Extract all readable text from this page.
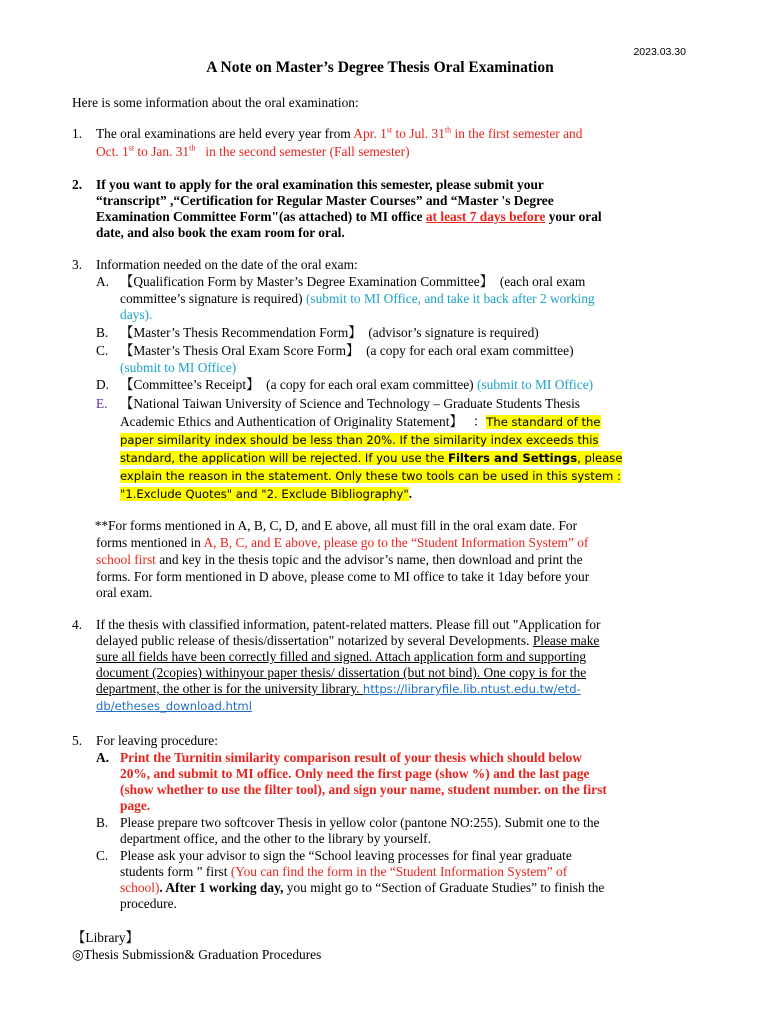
2023.03.30
A Note on Master’s Degree Thesis Oral Examination
Here is some information about the oral examination:
1. The oral examinations are held every year from Apr. 1st to Jul. 31th in the first semester and
Oct. 1st to Jan. 31th   in the second semester (Fall semester)
2. If you want to apply for the oral examination this semester, please submit your
“transcript” ,“Certification for Regular Master Courses” and “Master 's Degree
Examination Committee Form"(as attached) to MI office at least 7 days before your oral
date, and also book the exam room for oral.
3. Information needed on the date of the oral exam:
A. 【Qualification Form by Master’s Degree Examination Committee】  (each oral exam
committee’s signature is required) (submit to MI Office, and take it back after 2 working
days).
B. 【Master’s Thesis Recommendation Form】  (advisor’s signature is required)
C. 【Master’s Thesis Oral Exam Score Form】  (a copy for each oral exam committee)
(submit to MI Office)
D. 【Committee’s Receipt】  (a copy for each oral exam committee) (submit to MI Office)
E. 【National Taiwan University of Science and Technology – Graduate Students Thesis
Academic Ethics and Authentication of Originality Statement】   ：The standard of the
paper similarity index should be less than 20%. If the similarity index exceeds this
standard, the application will be rejected. If you use the Filters and Settings, please
explain the reason in the statement. Only these two tools can be used in this system :
"1.Exclude Quotes" and "2. Exclude Bibliography".
**For forms mentioned in A, B, C, D, and E above, all must fill in the oral exam date. For
forms mentioned in A, B, C, and E above, please go to the “Student Information System” of
school first and key in the thesis topic and the advisor’s name, then download and print the
forms. For form mentioned in D above, please come to MI office to take it 1day before your
oral exam.
4. If the thesis with classified information, patent-related matters. Please fill out "Application for
delayed public release of thesis/dissertation" notarized by several Developments. Please make
sure all fields have been correctly filled and signed. Attach application form and supporting
document (2copies) withinyour paper thesis/ dissertation (but not bind). One copy is for the
department, the other is for the university library. https://libraryfile.lib.ntust.edu.tw/etd-
db/etheses_download.html
5. For leaving procedure:
A. Print the Turnitin similarity comparison result of your thesis which should below
20%, and submit to MI office. Only need the first page (show %) and the last page
(show whether to use the filter tool), and sign your name, student number. on the first
page.
B. Please prepare two softcover Thesis in yellow color (pantone NO:255). Submit one to the
department office, and the other to the library by yourself.
C. Please ask your advisor to sign the “School leaving processes for final year graduate
students form ” first (You can find the form in the “Student Information System” of
school). After 1 working day, you might go to “Section of Graduate Studies” to finish the
procedure.
【Library】
◎Thesis Submission& Graduation Procedures
